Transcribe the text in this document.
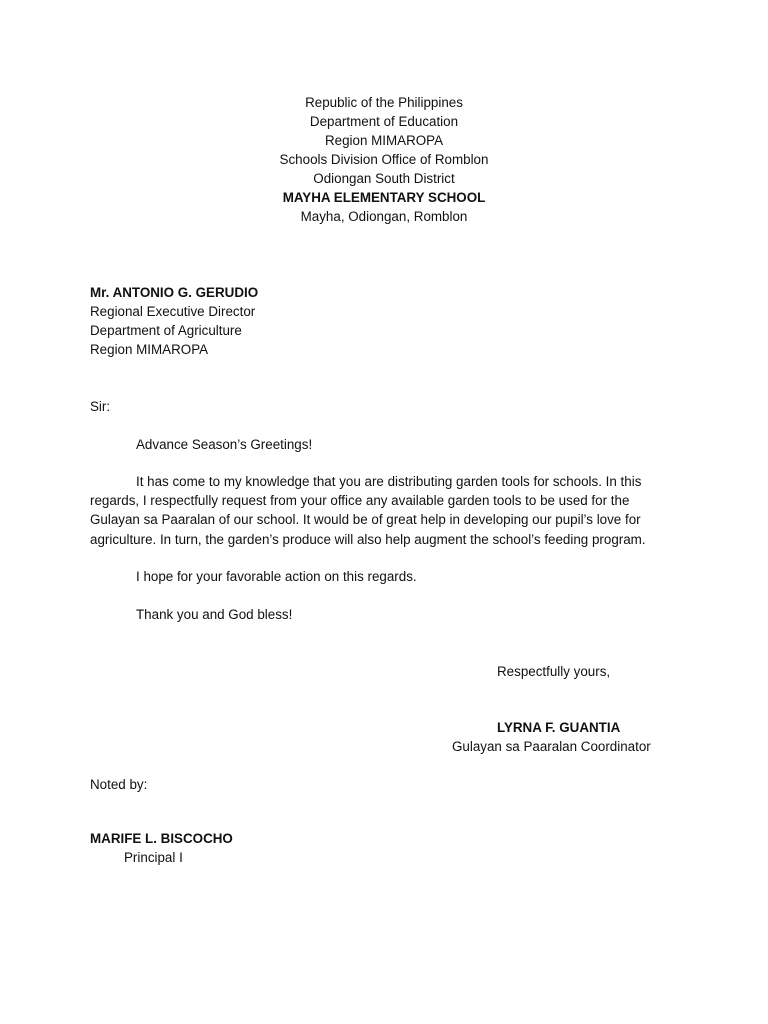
Republic of the Philippines
Department of Education
Region MIMAROPA
Schools Division Office of Romblon
Odiongan South District
MAYHA ELEMENTARY SCHOOL
Mayha, Odiongan, Romblon
Mr. ANTONIO G. GERUDIO
Regional Executive Director
Department of Agriculture
Region MIMAROPA
Sir:
Advance Season’s Greetings!
It has come to my knowledge that you are distributing garden tools for schools. In this regards, I respectfully request from your office any available garden tools to be used for the Gulayan sa Paaralan of our school. It would be of great help in developing our pupil’s love for agriculture. In turn, the garden’s produce will also help augment the school’s feeding program.
I hope for your favorable action on this regards.
Thank you and God bless!
Respectfully yours,
LYRNA F. GUANTIA
Gulayan sa Paaralan Coordinator
Noted by:
MARIFE L. BISCOCHO
Principal I
